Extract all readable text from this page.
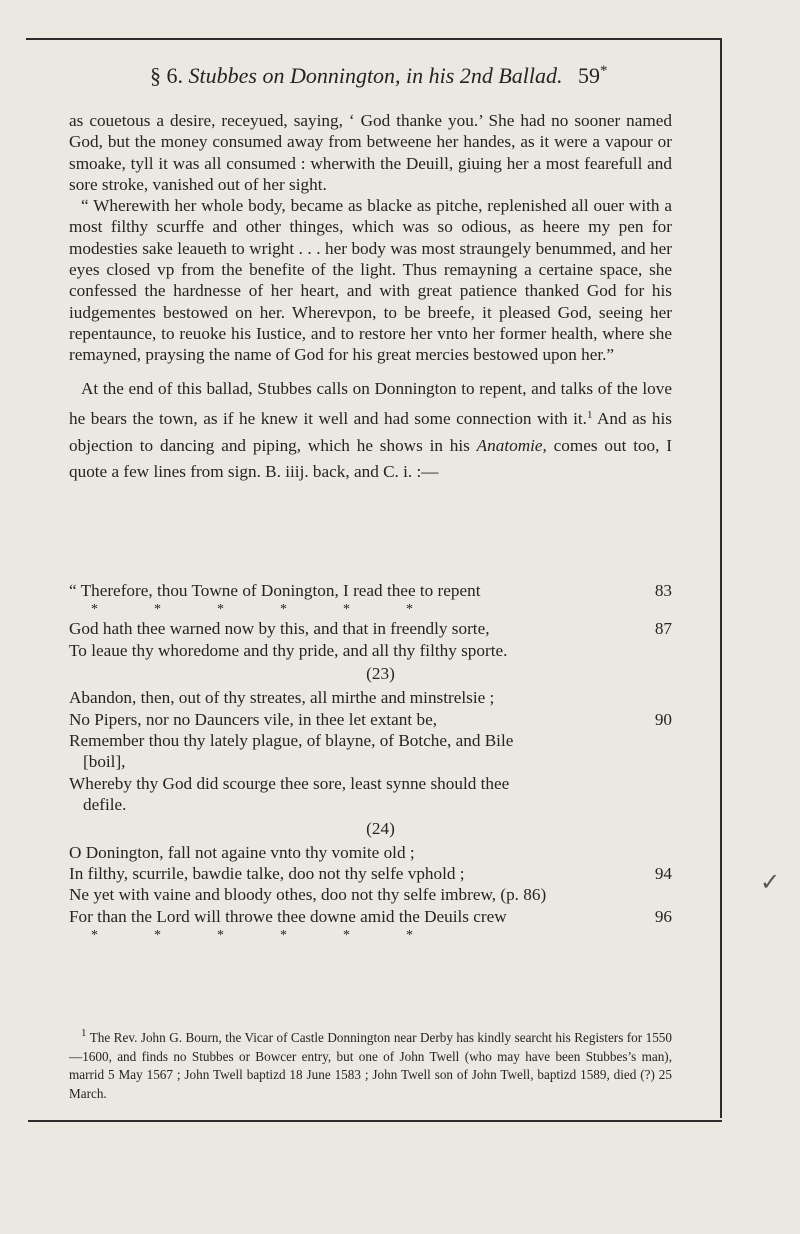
§ 6. Stubbes on Donnington, in his 2nd Ballad. 59*

as couetous a desire, receyued, saying, ‘ God thanke you.’ She had no sooner named God, but the money consumed away from betweene her handes, as it were a vapour or smoake, tyll it was all consumed : wherwith the Deuill, giuing her a most fearefull and sore stroke, vanished out of her sight.

“ Wherewith her whole body, became as blacke as pitche, replenished all ouer with a most filthy scurffe and other thinges, which was so odious, as heere my pen for modesties sake leaueth to wright . . . her body was most straungely benummed, and her eyes closed vp from the benefite of the light. Thus remayning a certaine space, she confessed the hardnesse of her heart, and with great patience thanked God for his iudgementes bestowed on her. Wherevpon, to be breefe, it pleased God, seeing her repentaunce, to reuoke his Iustice, and to restore her vnto her former health, where she remayned, praysing the name of God for his great mercies bestowed upon her.”

At the end of this ballad, Stubbes calls on Donnington to repent, and talks of the love he bears the town, as if he knew it well and had some connection with it.$^1$ And as his objection to dancing and piping, which he shows in his Anatomie, comes out too, I quote a few lines from sign. B. iiij. back, and C. i. :—

“ Therefore, thou Towne of Donington, I read thee to repent	83
*	*	*	*	*	*
God hath thee warned now by this, and that in freendly sorte,	87
To leaue thy whoredome and thy pride, and all thy filthy sporte.
(23)
Abandon, then, out of thy streates, all mirthe and minstrelsie ;
No Pipers, nor no Dauncers vile, in thee let extant be,	90
Remember thou thy lately plague, of blayne, of Botche, and Bile
[boil],
Whereby thy God did scourge thee sore, least synne should thee
defile.
(24)
O Donington, fall not againe vnto thy vomite old ;
In filthy, scurrile, bawdie talke, doo not thy selfe vphold ;	94
Ne yet with vaine and bloody othes, doo not thy selfe imbrew, (p. 86)
For than the Lord will throwe thee downe amid the Deuils crew	96
*	*	*	*	*	*

$^1$ The Rev. John G. Bourn, the Vicar of Castle Donnington near Derby has kindly searcht his Registers for 1550—1600, and finds no Stubbes or Bowcer entry, but one of John Twell (who may have been Stubbes’s man), marrid 5 May 1567 ; John Twell baptizd 18 June 1583 ; John Twell son of John Twell, baptizd 1589, died (?) 25 March.

✓
